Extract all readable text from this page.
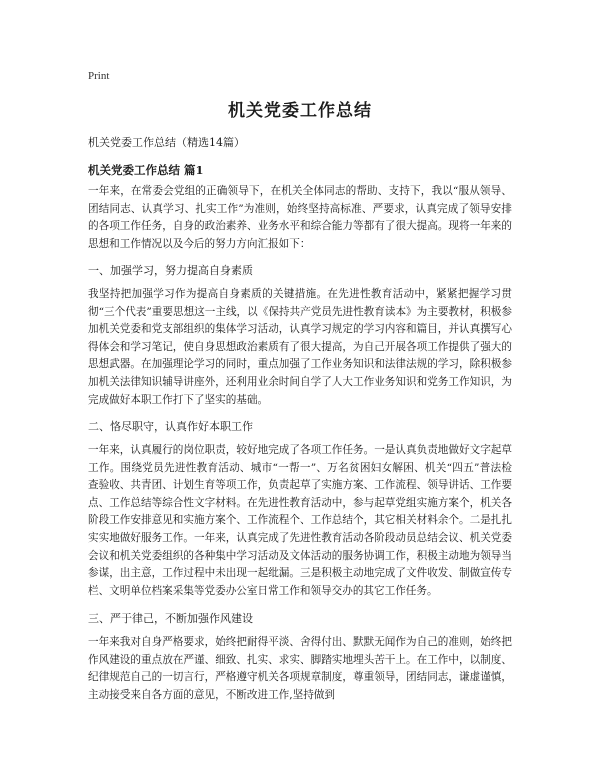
Print
机关党委工作总结
机关党委工作总结（精选14篇）
机关党委工作总结 篇1
一年来，在常委会党组的正确领导下，在机关全体同志的帮助、支持下，我以“服从领导、团结同志、认真学习、扎实工作”为准则，始终坚持高标准、严要求，认真完成了领导安排的各项工作任务，自身的政治素养、业务水平和综合能力等都有了很大提高。现将一年来的思想和工作情况以及今后的努力方向汇报如下：
一、加强学习，努力提高自身素质
我坚持把加强学习作为提高自身素质的关键措施。在先进性教育活动中，紧紧把握学习贯彻“三个代表”重要思想这一主线，以《保持共产党员先进性教育读本》为主要教材，积极参加机关党委和党支部组织的集体学习活动，认真学习规定的学习内容和篇目，并认真撰写心得体会和学习笔记，使自身思想政治素质有了很大提高，为自己开展各项工作提供了强大的思想武器。在加强理论学习的同时，重点加强了工作业务知识和法律法规的学习，除积极参加机关法律知识辅导讲座外，还利用业余时间自学了人大工作业务知识和党务工作知识，为完成做好本职工作打下了坚实的基础。
二、恪尽职守，认真作好本职工作
一年来，认真履行的岗位职责，较好地完成了各项工作任务。一是认真负责地做好文字起草工作。围绕党员先进性教育活动、城市“一帮一”、万名贫困妇女解困、机关“四五”普法检查验收、共青团、计划生育等项工作，负责起草了实施方案、工作流程、领导讲话、工作要点、工作总结等综合性文字材料。在先进性教育活动中，参与起草党组实施方案个，机关各阶段工作安排意见和实施方案个、工作流程个、工作总结个，其它相关材料余个。二是扎扎实实地做好服务工作。一年来，认真完成了先进性教育活动各阶段动员总结会议、机关党委会议和机关党委组织的各种集中学习活动及文体活动的服务协调工作，积极主动地为领导当参谋，出主意，工作过程中未出现一起纰漏。三是积极主动地完成了文件收发、制做宣传专栏、文明单位档案采集等党委办公室日常工作和领导交办的其它工作任务。
三、严于律己，不断加强作风建设
一年来我对自身严格要求，始终把耐得平淡、舍得付出、默默无闻作为自己的准则，始终把作风建设的重点放在严谨、细致、扎实、求实、脚踏实地埋头苦干上。在工作中，以制度、纪律规范自己的一切言行，严格遵守机关各项规章制度，尊重领导，团结同志，谦虚谨慎，主动接受来自各方面的意见，不断改进工作,坚持做到
